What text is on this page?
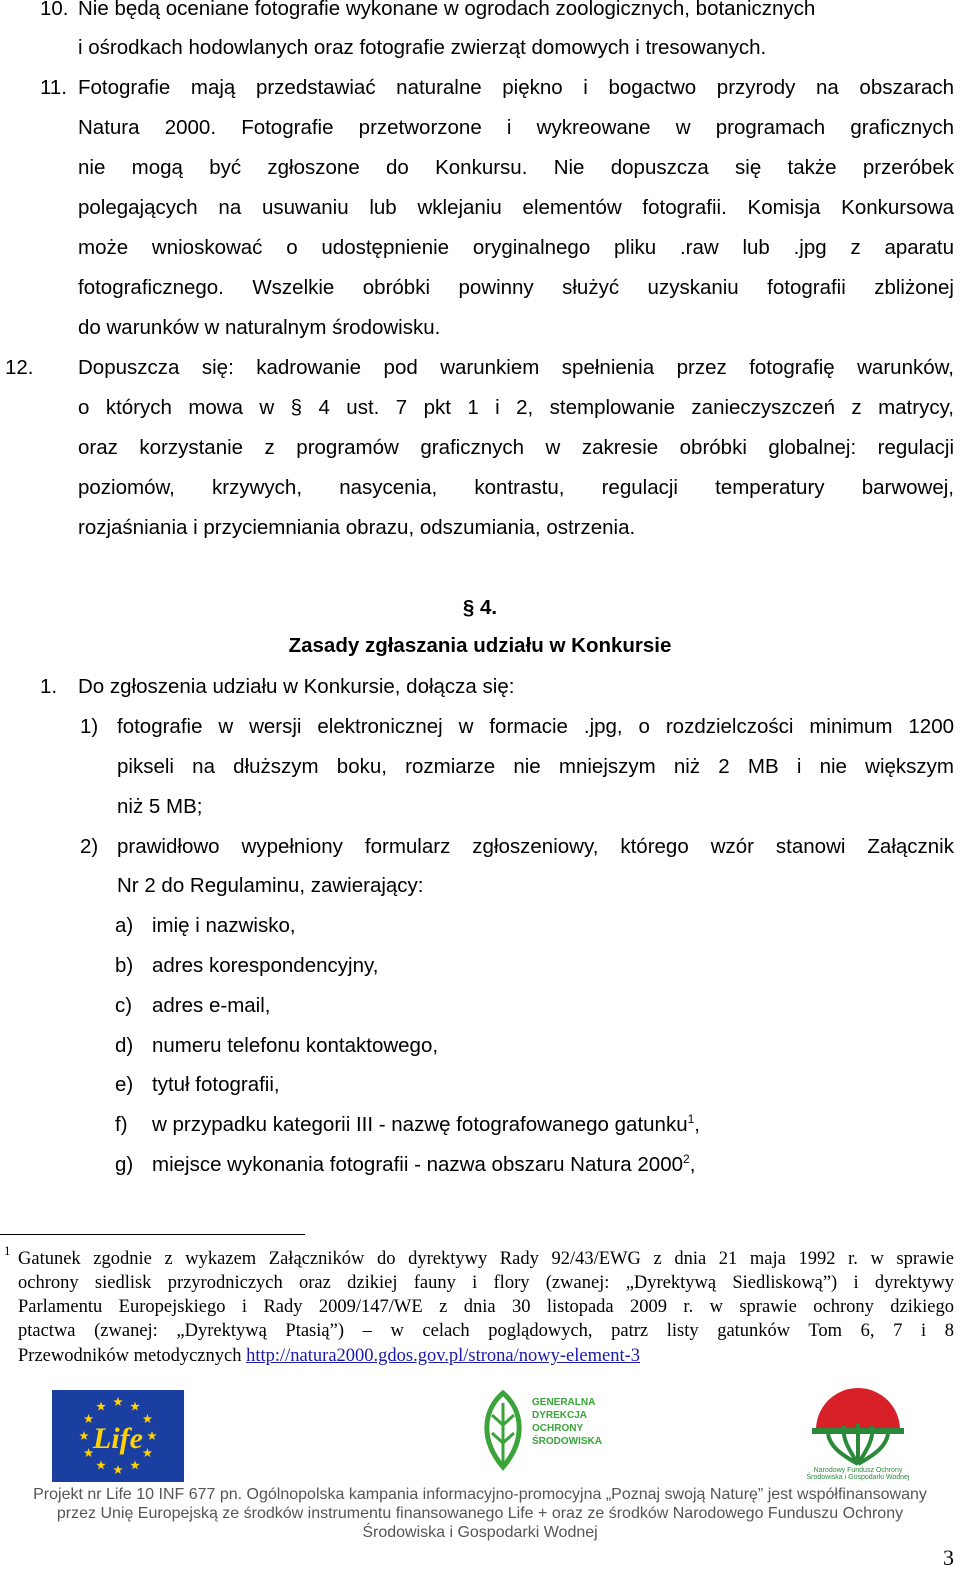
10. Nie będą oceniane fotografie wykonane w ogrodach zoologicznych, botanicznych
i ośrodkach hodowlanych oraz fotografie zwierząt domowych i tresowanych.
11. Fotografie mają przedstawiać naturalne piękno i bogactwo przyrody na obszarach
Natura 2000. Fotografie przetworzone i wykreowane w programach graficznych
nie mogą być zgłoszone do Konkursu. Nie dopuszcza się także przeróbek
polegających na usuwaniu lub wklejaniu elementów fotografii. Komisja Konkursowa
może wnioskować o udostępnienie oryginalnego pliku .raw lub .jpg z aparatu
fotograficznego. Wszelkie obróbki powinny służyć uzyskaniu fotografii zbliżonej
do warunków w naturalnym środowisku.
12. Dopuszcza się: kadrowanie pod warunkiem spełnienia przez fotografię warunków,
o których mowa w § 4 ust. 7 pkt 1 i 2, stemplowanie zanieczyszczeń z matrycy,
oraz korzystanie z programów graficznych w zakresie obróbki globalnej: regulacji
poziomów, krzywych, nasycenia, kontrastu, regulacji temperatury barwowej,
rozjaśniania i przyciemniania obrazu, odszumiania, ostrzenia.
§ 4.
Zasady zgłaszania udziału w Konkursie
1. Do zgłoszenia udziału w Konkursie, dołącza się:
1) fotografie w wersji elektronicznej w formacie .jpg, o rozdzielczości minimum 1200
pikseli na dłuższym boku, rozmiarze nie mniejszym niż 2 MB i nie większym
niż 5 MB;
2) prawidłowo wypełniony formularz zgłoszeniowy, którego wzór stanowi Załącznik
Nr 2 do Regulaminu, zawierający:
a) imię i nazwisko,
b) adres korespondencyjny,
c) adres e-mail,
d) numeru telefonu kontaktowego,
e) tytuł fotografii,
f) w przypadku kategorii III - nazwę fotografowanego gatunku$^1$,
g) miejsce wykonania fotografii - nazwa obszaru Natura 2000$^2$,
1 Gatunek zgodnie z wykazem Załączników do dyrektywy Rady 92/43/EWG z dnia 21 maja 1992 r. w sprawie
ochrony siedlisk przyrodniczych oraz dzikiej fauny i flory (zwanej: „Dyrektywą Siedliskową”) i dyrektywy
Parlamentu Europejskiego i Rady 2009/147/WE z dnia 30 listopada 2009 r. w sprawie ochrony dzikiego
ptactwa (zwanej: „Dyrektywą Ptasią”) – w celach poglądowych, patrz listy gatunków Tom 6, 7 i 8
Przewodników metodycznych http://natura2000.gdos.gov.pl/strona/nowy-element-3
Life
GENERALNA
DYREKCJA
OCHRONY
ŚRODOWISKA
Narodowy Fundusz Ochrony
Środowiska i Gospodarki Wodnej
Projekt nr Life 10 INF 677 pn. Ogólnopolska kampania informacyjno-promocyjna „Poznaj swoją Naturę” jest współfinansowany
przez Unię Europejską ze środków instrumentu finansowanego Life + oraz ze środków Narodowego Funduszu Ochrony
Środowiska i Gospodarki Wodnej
3
